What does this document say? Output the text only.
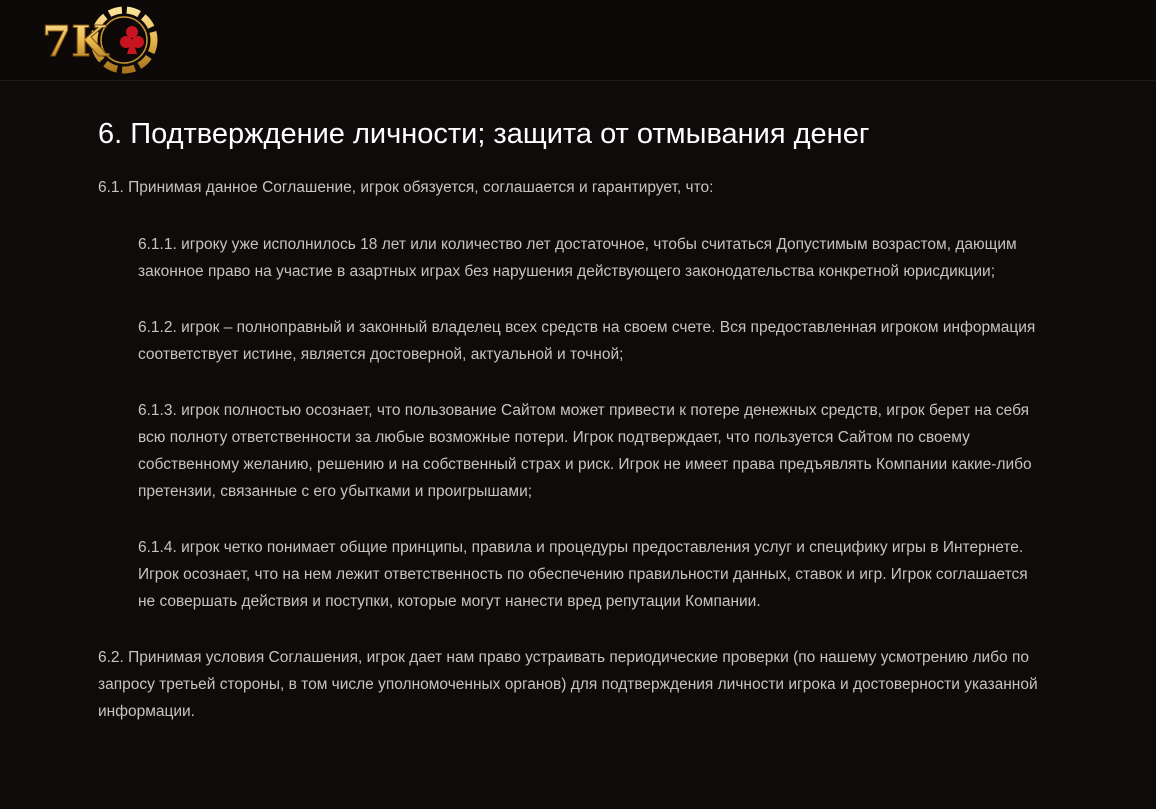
7K
6. Подтверждение личности; защита от отмывания денег

6.1. Принимая данное Соглашение, игрок обязуется, соглашается и гарантирует, что:

6.1.1. игроку уже исполнилось 18 лет или количество лет достаточное, чтобы считаться Допустимым возрастом, дающим законное право на участие в азартных играх без нарушения действующего законодательства конкретной юрисдикции;

6.1.2. игрок – полноправный и законный владелец всех средств на своем счете. Вся предоставленная игроком информация соответствует истине, является достоверной, актуальной и точной;

6.1.3. игрок полностью осознает, что пользование Сайтом может привести к потере денежных средств, игрок берет на себя всю полноту ответственности за любые возможные потери. Игрок подтверждает, что пользуется Сайтом по своему собственному желанию, решению и на собственный страх и риск. Игрок не имеет права предъявлять Компании какие-либо претензии, связанные с его убытками и проигрышами;

6.1.4. игрок четко понимает общие принципы, правила и процедуры предоставления услуг и специфику игры в Интернете. Игрок осознает, что на нем лежит ответственность по обеспечению правильности данных, ставок и игр. Игрок соглашается не совершать действия и поступки, которые могут нанести вред репутации Компании.

6.2. Принимая условия Соглашения, игрок дает нам право устраивать периодические проверки (по нашему усмотрению либо по запросу третьей стороны, в том числе уполномоченных органов) для подтверждения личности игрока и достоверности указанной информации.
